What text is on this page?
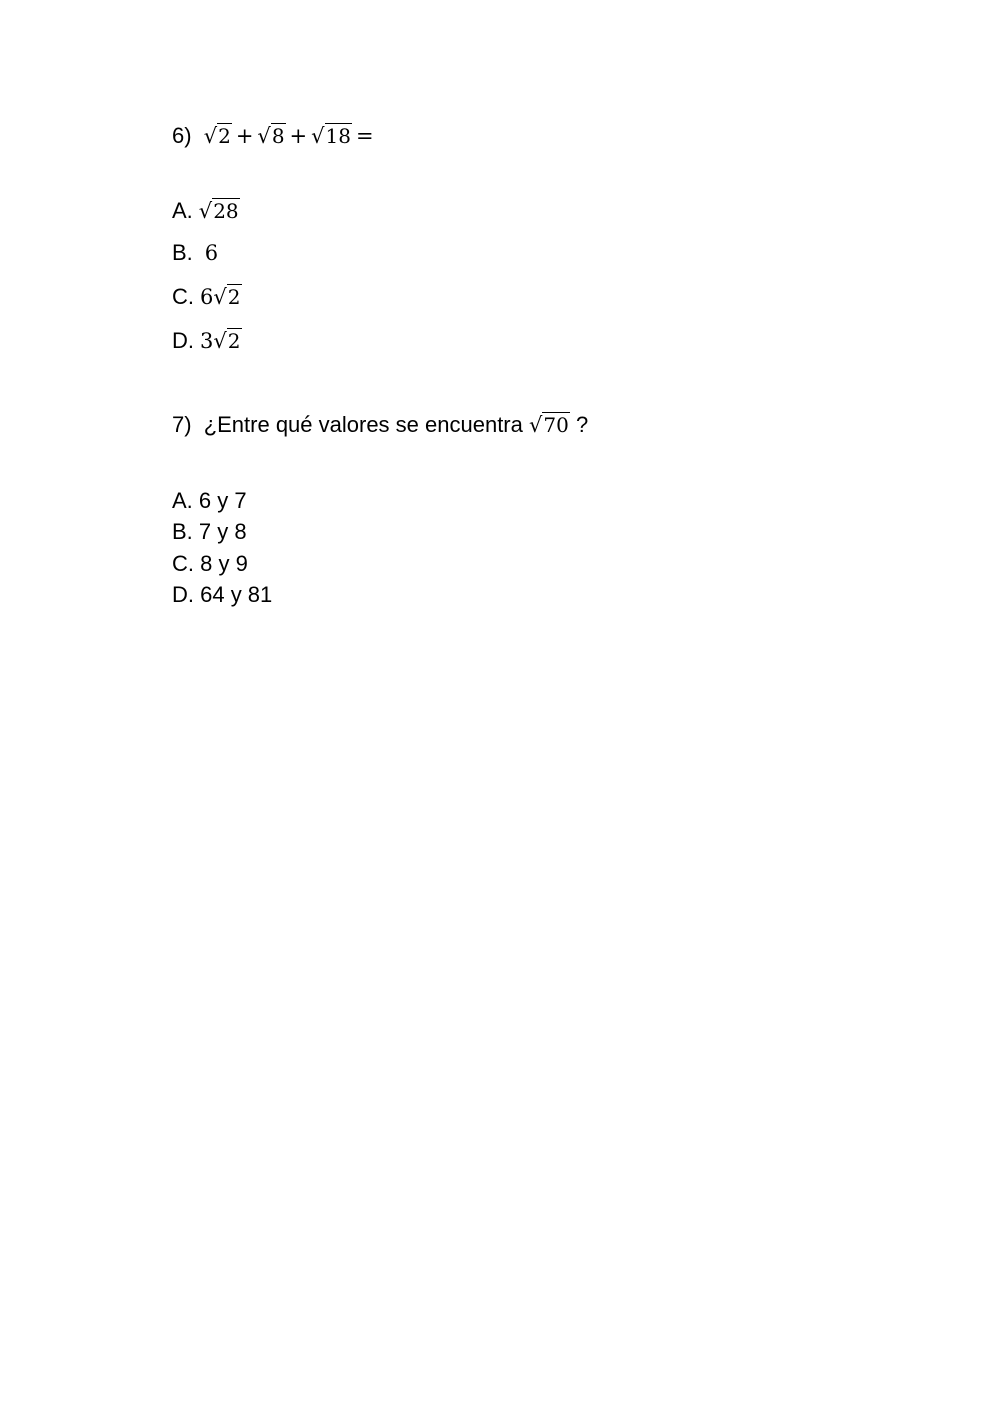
6) √2 + √8 + √18 =
A. √28
B. 6
C. 6√2
D. 3√2
7) ¿Entre qué valores se encuentra √70 ?
A. 6 y 7
B. 7 y 8
C. 8 y 9
D. 64 y 81
